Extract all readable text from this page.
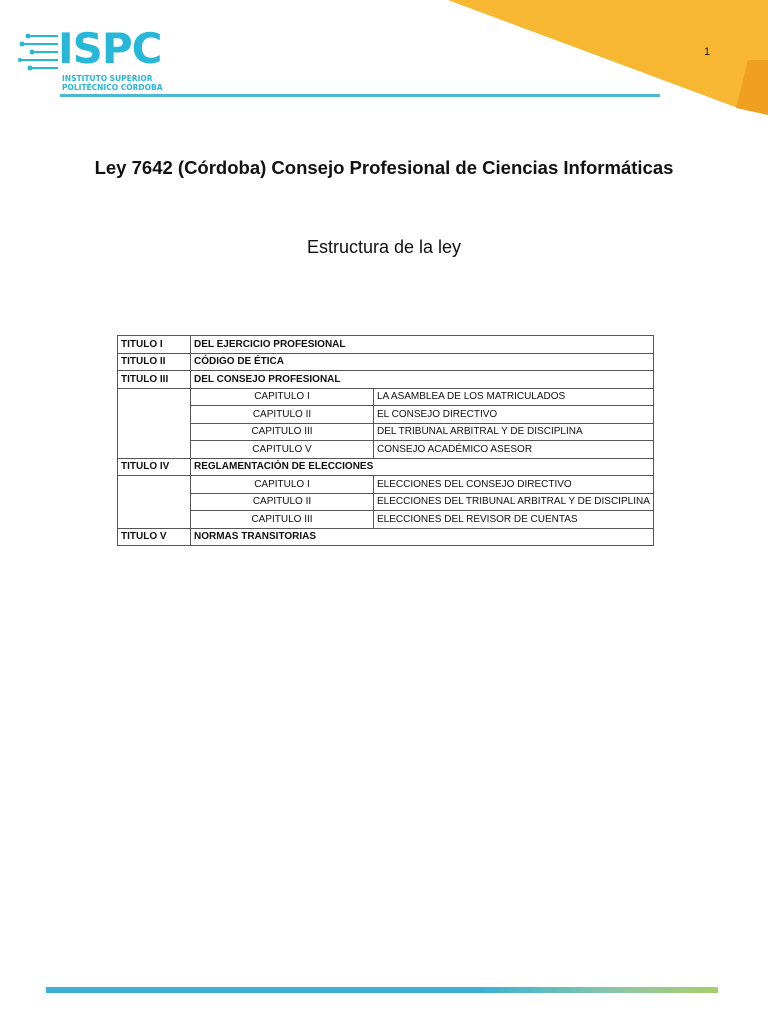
ISPC
INSTITUTO SUPERIOR
POLITÉCNICO CÓRDOBA
1
Ley 7642 (Córdoba) Consejo Profesional de Ciencias Informáticas
Estructura de la ley
TITULO I	DEL EJERCICIO PROFESIONAL	
TITULO II	CÓDIGO DE ÉTICA	
TITULO III	DEL CONSEJO PROFESIONAL	
	CAPITULO I	LA ASAMBLEA DE LOS MATRICULADOS
	CAPITULO II	EL CONSEJO DIRECTIVO
	CAPITULO III	DEL TRIBUNAL ARBITRAL Y DE DISCIPLINA
	CAPITULO V	CONSEJO ACADÉMICO ASESOR
TITULO IV	REGLAMENTACIÓN DE ELECCIONES	
	CAPITULO I	ELECCIONES DEL CONSEJO DIRECTIVO
	CAPITULO II	ELECCIONES DEL TRIBUNAL ARBITRAL Y DE DISCIPLINA
	CAPITULO III	ELECCIONES DEL REVISOR DE CUENTAS
TITULO V	NORMAS TRANSITORIAS	
